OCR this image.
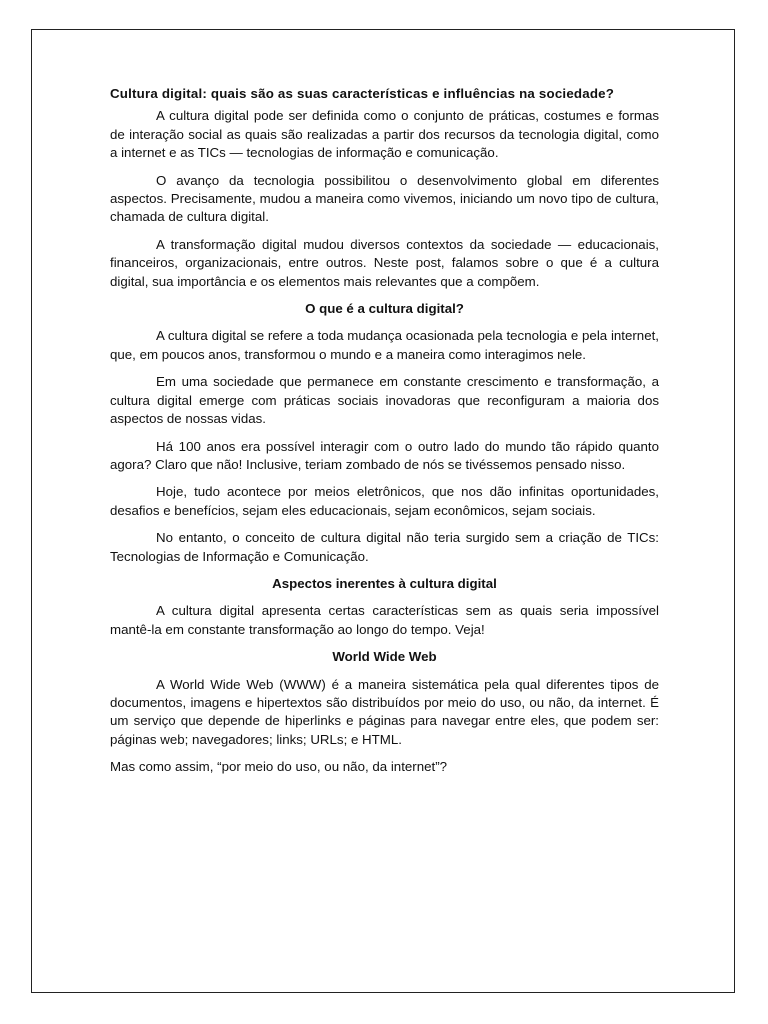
Cultura digital: quais são as suas características e influências na sociedade?

A cultura digital pode ser definida como o conjunto de práticas, costumes e formas de interação social as quais são realizadas a partir dos recursos da tecnologia digital, como a internet e as TICs — tecnologias de informação e comunicação.

O avanço da tecnologia possibilitou o desenvolvimento global em diferentes aspectos. Precisamente, mudou a maneira como vivemos, iniciando um novo tipo de cultura, chamada de cultura digital.

A transformação digital mudou diversos contextos da sociedade — educacionais, financeiros, organizacionais, entre outros. Neste post, falamos sobre o que é a cultura digital, sua importância e os elementos mais relevantes que a compõem.

O que é a cultura digital?

A cultura digital se refere a toda mudança ocasionada pela tecnologia e pela internet, que, em poucos anos, transformou o mundo e a maneira como interagimos nele.

Em uma sociedade que permanece em constante crescimento e transformação, a cultura digital emerge com práticas sociais inovadoras que reconfiguram a maioria dos aspectos de nossas vidas.

Há 100 anos era possível interagir com o outro lado do mundo tão rápido quanto agora? Claro que não! Inclusive, teriam zombado de nós se tivéssemos pensado nisso.

Hoje, tudo acontece por meios eletrônicos, que nos dão infinitas oportunidades, desafios e benefícios, sejam eles educacionais, sejam econômicos, sejam sociais.

No entanto, o conceito de cultura digital não teria surgido sem a criação de TICs: Tecnologias de Informação e Comunicação.

Aspectos inerentes à cultura digital

A cultura digital apresenta certas características sem as quais seria impossível mantê-la em constante transformação ao longo do tempo. Veja!

World Wide Web

A World Wide Web (WWW) é a maneira sistemática pela qual diferentes tipos de documentos, imagens e hipertextos são distribuídos por meio do uso, ou não, da internet. É um serviço que depende de hiperlinks e páginas para navegar entre eles, que podem ser: páginas web; navegadores; links; URLs; e HTML.

Mas como assim, “por meio do uso, ou não, da internet”?
